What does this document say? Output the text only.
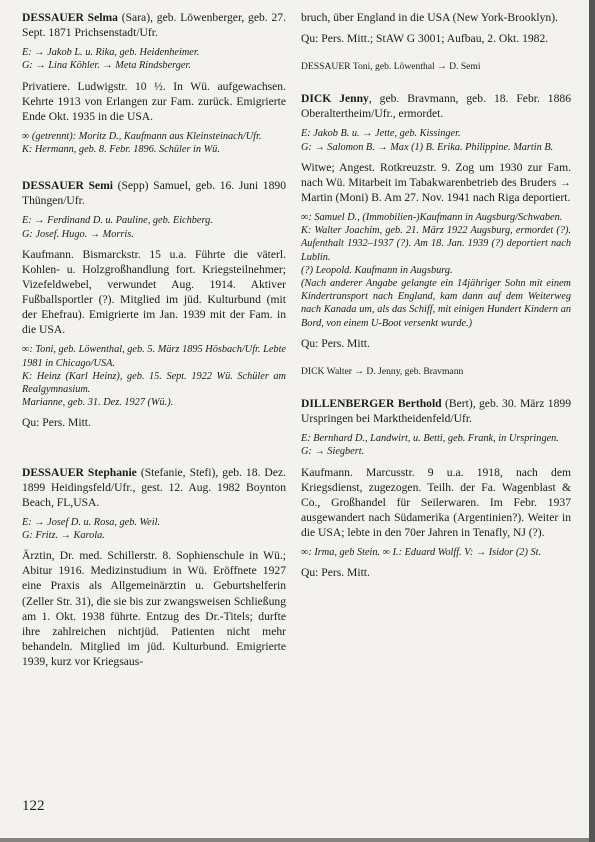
DESSAUER Selma (Sara), geb. Löwenberger, geb. 27. Sept. 1871 Prichsenstadt/Ufr.

E: → Jakob L. u. Rika, geb. Heidenheimer.
G: → Lina Köhler. → Meta Rindsberger.

Privatiere. Ludwigstr. 10 ½. In Wü. aufgewachsen. Kehrte 1913 von Erlangen zur Fam. zurück. Emigrierte Ende Okt. 1935 in die USA.

∞ (getrennt): Moritz D., Kaufmann aus Kleinsteinach/Ufr.
K: Hermann, geb. 8. Febr. 1896. Schüler in Wü.

DESSAUER Semi (Sepp) Samuel, geb. 16. Juni 1890 Thüngen/Ufr.

E: → Ferdinand D. u. Pauline, geb. Eichberg.
G: Josef. Hugo. → Morris.

Kaufmann. Bismarckstr. 15 u.a. Führte die väterl. Kohlen- u. Holzgroßhandlung fort. Kriegsteilnehmer; Vizefeldwebel, verwundet Aug. 1914. Aktiver Fußballsportler (?). Mitglied im jüd. Kulturbund (mit der Ehefrau). Emigrierte im Jan. 1939 mit der Fam. in die USA.

∞: Toni, geb. Löwenthal, geb. 5. März 1895 Hösbach/Ufr. Lebte 1981 in Chicago/USA.
K: Heinz (Karl Heinz), geb. 15. Sept. 1922 Wü. Schüler am Realgymnasium.
Marianne, geb. 31. Dez. 1927 (Wü.).

Qu: Pers. Mitt.

DESSAUER Stephanie (Stefanie, Stefi), geb. 18. Dez. 1899 Heidingsfeld/Ufr., gest. 12. Aug. 1982 Boynton Beach, FL,USA.

E: → Josef D. u. Rosa, geb. Weil.
G: Fritz. → Karola.

Ärztin, Dr. med. Schillerstr. 8. Sophienschule in Wü.; Abitur 1916. Medizinstudium in Wü. Eröffnete 1927 eine Praxis als Allgemeinärztin u. Geburtshelferin (Zeller Str. 31), die sie bis zur zwangsweisen Schließung am 1. Okt. 1938 führte. Entzug des Dr.-Titels; durfte ihre zahlreichen nichtjüd. Patienten nicht mehr behandeln. Mitglied im jüd. Kulturbund. Emigrierte 1939, kurz vor Kriegsaus-

bruch, über England in die USA (New York-Brooklyn).

Qu: Pers. Mitt.; StAW G 3001; Aufbau, 2. Okt. 1982.

DESSAUER Toni, geb. Löwenthal → D. Semi

DICK Jenny, geb. Bravmann, geb. 18. Febr. 1886 Oberaltertheim/Ufr., ermordet.

E: Jakob B. u. → Jette, geb. Kissinger.
G: → Salomon B. → Max (1) B. Erika. Philippine. Martin B.

Witwe; Angest. Rotkreuzstr. 9. Zog um 1930 zur Fam. nach Wü. Mitarbeit im Tabakwarenbetrieb des Bruders → Martin (Moni) B. Am 27. Nov. 1941 nach Riga deportiert.

∞: Samuel D., (Immobilien-)Kaufmann in Augsburg/Schwaben.
K: Walter Joachim, geb. 21. März 1922 Augsburg, ermordet (?). Aufenthalt 1932–1937 (?). Am 18. Jan. 1939 (?) deportiert nach Lublin.
(?) Leopold. Kaufmann in Augsburg.
(Nach anderer Angabe gelangte ein 14jähriger Sohn mit einem Kindertransport nach England, kam dann auf dem Weiterweg nach Kanada um, als das Schiff, mit einigen Hundert Kindern an Bord, von einem U-Boot versenkt wurde.)

Qu: Pers. Mitt.

DICK Walter → D. Jenny, geb. Bravmann

DILLENBERGER Berthold (Bert), geb. 30. März 1899 Urspringen bei Marktheidenfeld/Ufr.

E: Bernhard D., Landwirt, u. Betti, geb. Frank, in Urspringen.
G: → Siegbert.

Kaufmann. Marcusstr. 9 u.a. 1918, nach dem Kriegsdienst, zugezogen. Teilh. der Fa. Wagenblast & Co., Großhandel für Seilerwaren. Im Febr. 1937 ausgewandert nach Südamerika (Argentinien?). Weiter in die USA; lebte in den 70er Jahren in Tenafly, NJ (?).

∞: Irma, geb Stein. ∞ I.: Eduard Wolff. V: → Isidor (2) St.

Qu: Pers. Mitt.

122
